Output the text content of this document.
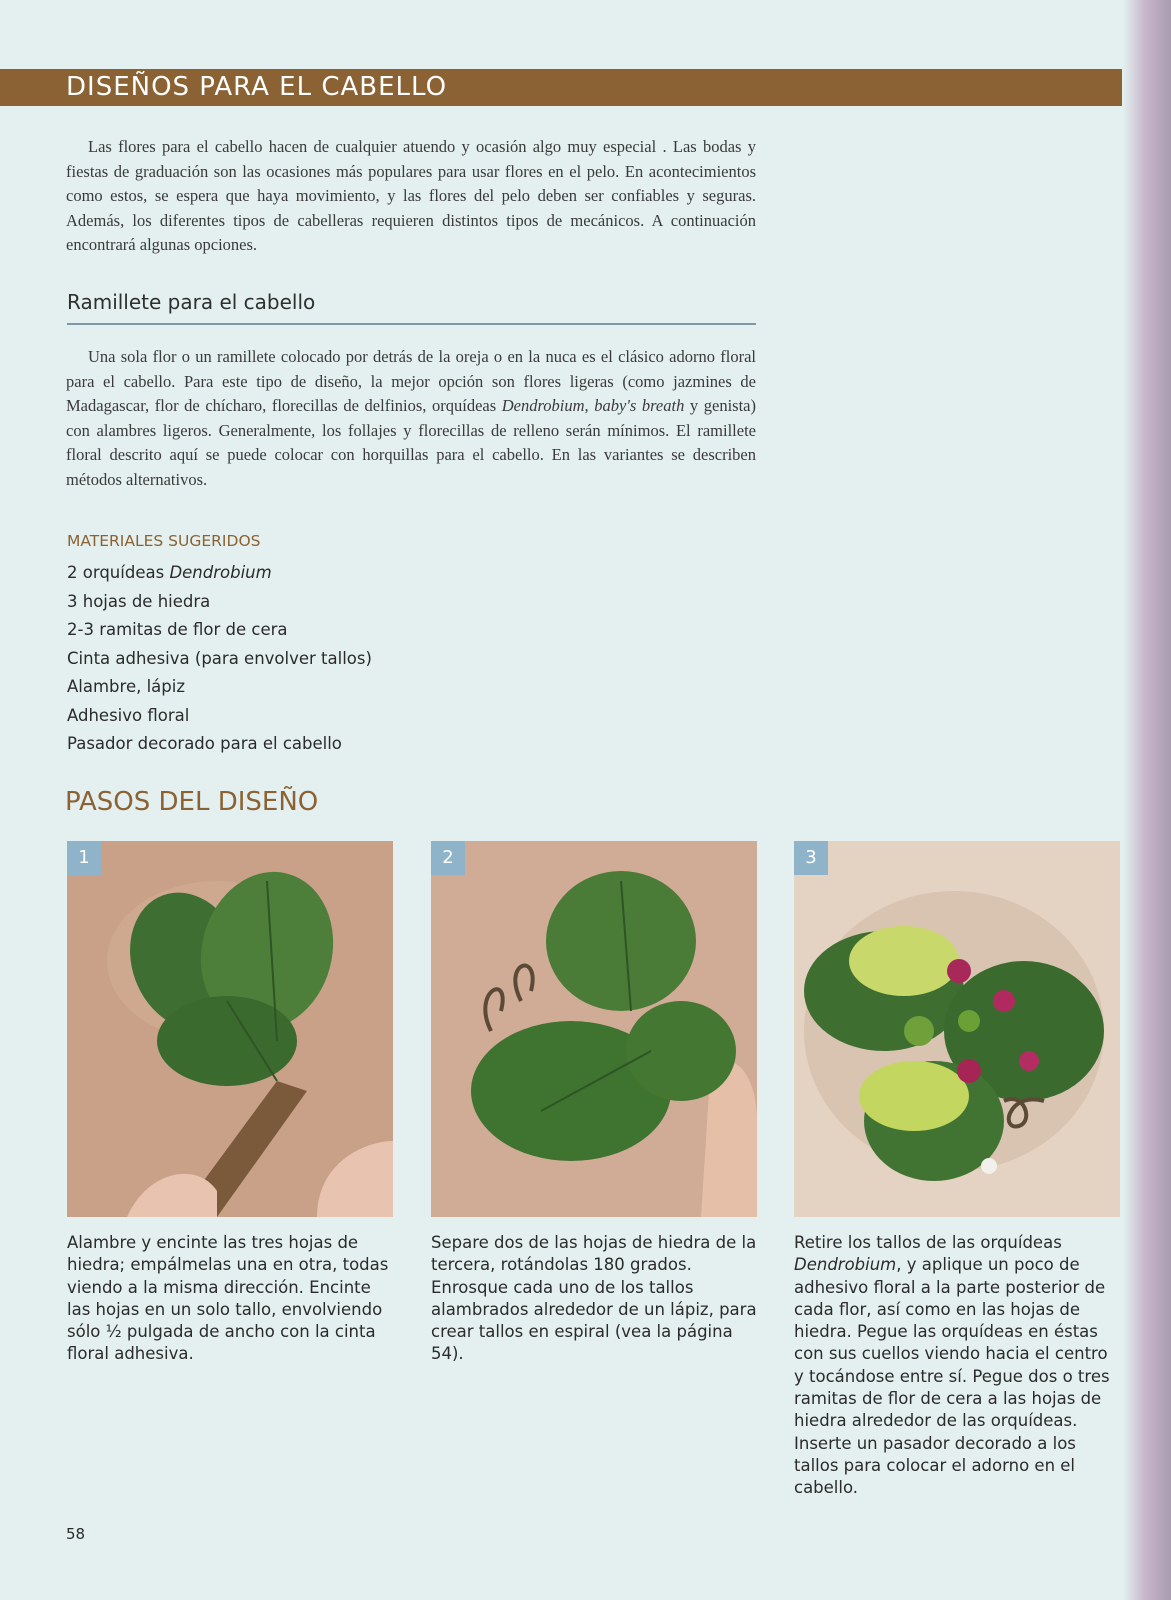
DISEÑOS PARA EL CABELLO

Las flores para el cabello hacen de cualquier atuendo y ocasión algo muy especial . Las bodas y fiestas de graduación son las ocasiones más populares para usar flores en el pelo. En acontecimientos como estos, se espera que haya movimiento, y las flores del pelo deben ser confiables y seguras. Además, los diferentes tipos de cabelleras requieren distintos tipos de mecánicos. A continuación encontrará algunas opciones.

Ramillete para el cabello

Una sola flor o un ramillete colocado por detrás de la oreja o en la nuca es el clásico adorno floral para el cabello. Para este tipo de diseño, la mejor opción son flores ligeras (como jazmines de Madagascar, flor de chícharo, florecillas de delfinios, orquídeas Dendrobium, baby's breath y genista) con alambres ligeros. Generalmente, los follajes y florecillas de relleno serán mínimos. El ramillete floral descrito aquí se puede colocar con horquillas para el cabello. En las variantes se describen métodos alternativos.

MATERIALES SUGERIDOS
2 orquídeas Dendrobium
3 hojas de hiedra
2-3 ramitas de flor de cera
Cinta adhesiva (para envolver tallos)
Alambre, lápiz
Adhesivo floral
Pasador decorado para el cabello
PASOS DEL DISEÑO
1	2	3

Alambre y encinte las tres hojas de hiedra; empálmelas una en otra, todas viendo a la misma dirección. Encinte las hojas en un solo tallo, envolviendo sólo ½ pulgada de ancho con la cinta floral adhesiva.

Separe dos de las hojas de hiedra de la tercera, rotándolas 180 grados. Enrosque cada uno de los tallos alambrados alrededor de un lápiz, para crear tallos en espiral (vea la página 54).

Retire los tallos de las orquídeas Dendrobium, y aplique un poco de adhesivo floral a la parte posterior de cada flor, así como en las hojas de hiedra. Pegue las orquídeas en éstas con sus cuellos viendo hacia el centro y tocándose entre sí. Pegue dos o tres ramitas de flor de cera a las hojas de hiedra alrededor de las orquídeas. Inserte un pasador decorado a los tallos para colocar el adorno en el cabello.

58
